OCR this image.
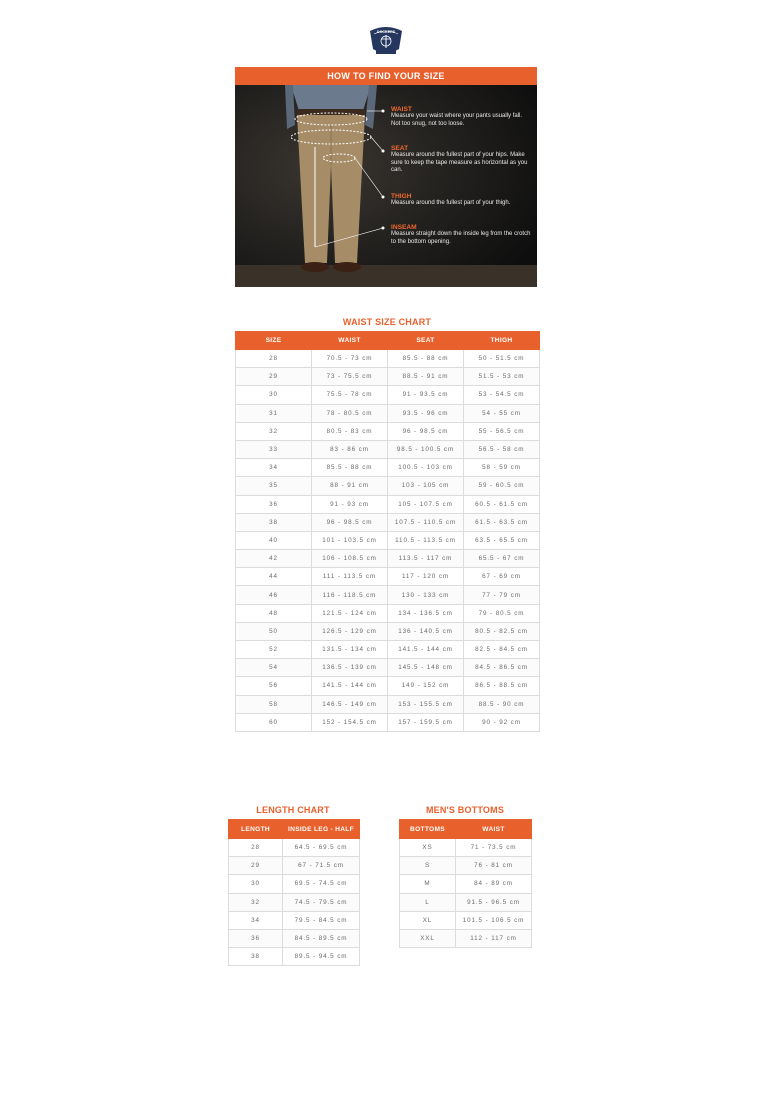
DOCKERS
HOW TO FIND YOUR SIZE
WAIST
Measure your waist where your pants usually fall. Not too snug, not too loose.
SEAT
Measure around the fullest part of your hips. Make sure to keep the tape measure as horizontal as you can.
THIGH
Measure around the fullest part of your thigh.
INSEAM
Measure straight down the inside leg from the crotch to the bottom opening.
WAIST SIZE CHART
SIZE	WAIST	SEAT	THIGH
28	70.5 - 73 cm	85.5 - 88 cm	50 - 51.5 cm
29	73 - 75.5 cm	88.5 - 91 cm	51.5 - 53 cm
30	75.5 - 78 cm	91 - 93.5 cm	53 - 54.5 cm
31	78 - 80.5 cm	93.5 - 96 cm	54 - 55 cm
32	80.5 - 83 cm	96 - 98.5 cm	55 - 56.5 cm
33	83 - 86 cm	98.5 - 100.5 cm	56.5 - 58 cm
34	85.5 - 88 cm	100.5 - 103 cm	58 - 59 cm
35	88 - 91 cm	103 - 105 cm	59 - 60.5 cm
36	91 - 93 cm	105 - 107.5 cm	60.5 - 61.5 cm
38	96 - 98.5 cm	107.5 - 110.5 cm	61.5 - 63.5 cm
40	101 - 103.5 cm	110.5 - 113.5 cm	63.5 - 65.5 cm
42	106 - 108.5 cm	113.5 - 117 cm	65.5 - 67 cm
44	111 - 113.5 cm	117 - 120 cm	67 - 69 cm
46	116 - 118.5 cm	130 - 133 cm	77 - 79 cm
48	121.5 - 124 cm	134 - 136.5 cm	79 - 80.5 cm
50	126.5 - 129 cm	136 - 140.5 cm	80.5 - 82.5 cm
52	131.5 - 134 cm	141.5 - 144 cm	82.5 - 84.5 cm
54	136.5 - 139 cm	145.5 - 148 cm	84.5 - 86.5 cm
56	141.5 - 144 cm	149 - 152 cm	86.5 - 88.5 cm
58	146.5 - 149 cm	153 - 155.5 cm	88.5 - 90 cm
60	152 - 154.5 cm	157 - 159.5 cm	90 - 92 cm
LENGTH CHART
LENGTH	INSIDE LEG - HALF
28	64.5 - 69.5 cm
29	67 - 71.5 cm
30	69.5 - 74.5 cm
32	74.5 - 79.5 cm
34	79.5 - 84.5 cm
36	84.5 - 89.5 cm
38	89.5 - 94.5 cm
MEN'S BOTTOMS
BOTTOMS	WAIST
XS	71 - 73.5 cm
S	76 - 81 cm
M	84 - 89 cm
L	91.5 - 96.5 cm
XL	101.5 - 106.5 cm
XXL	112 - 117 cm
